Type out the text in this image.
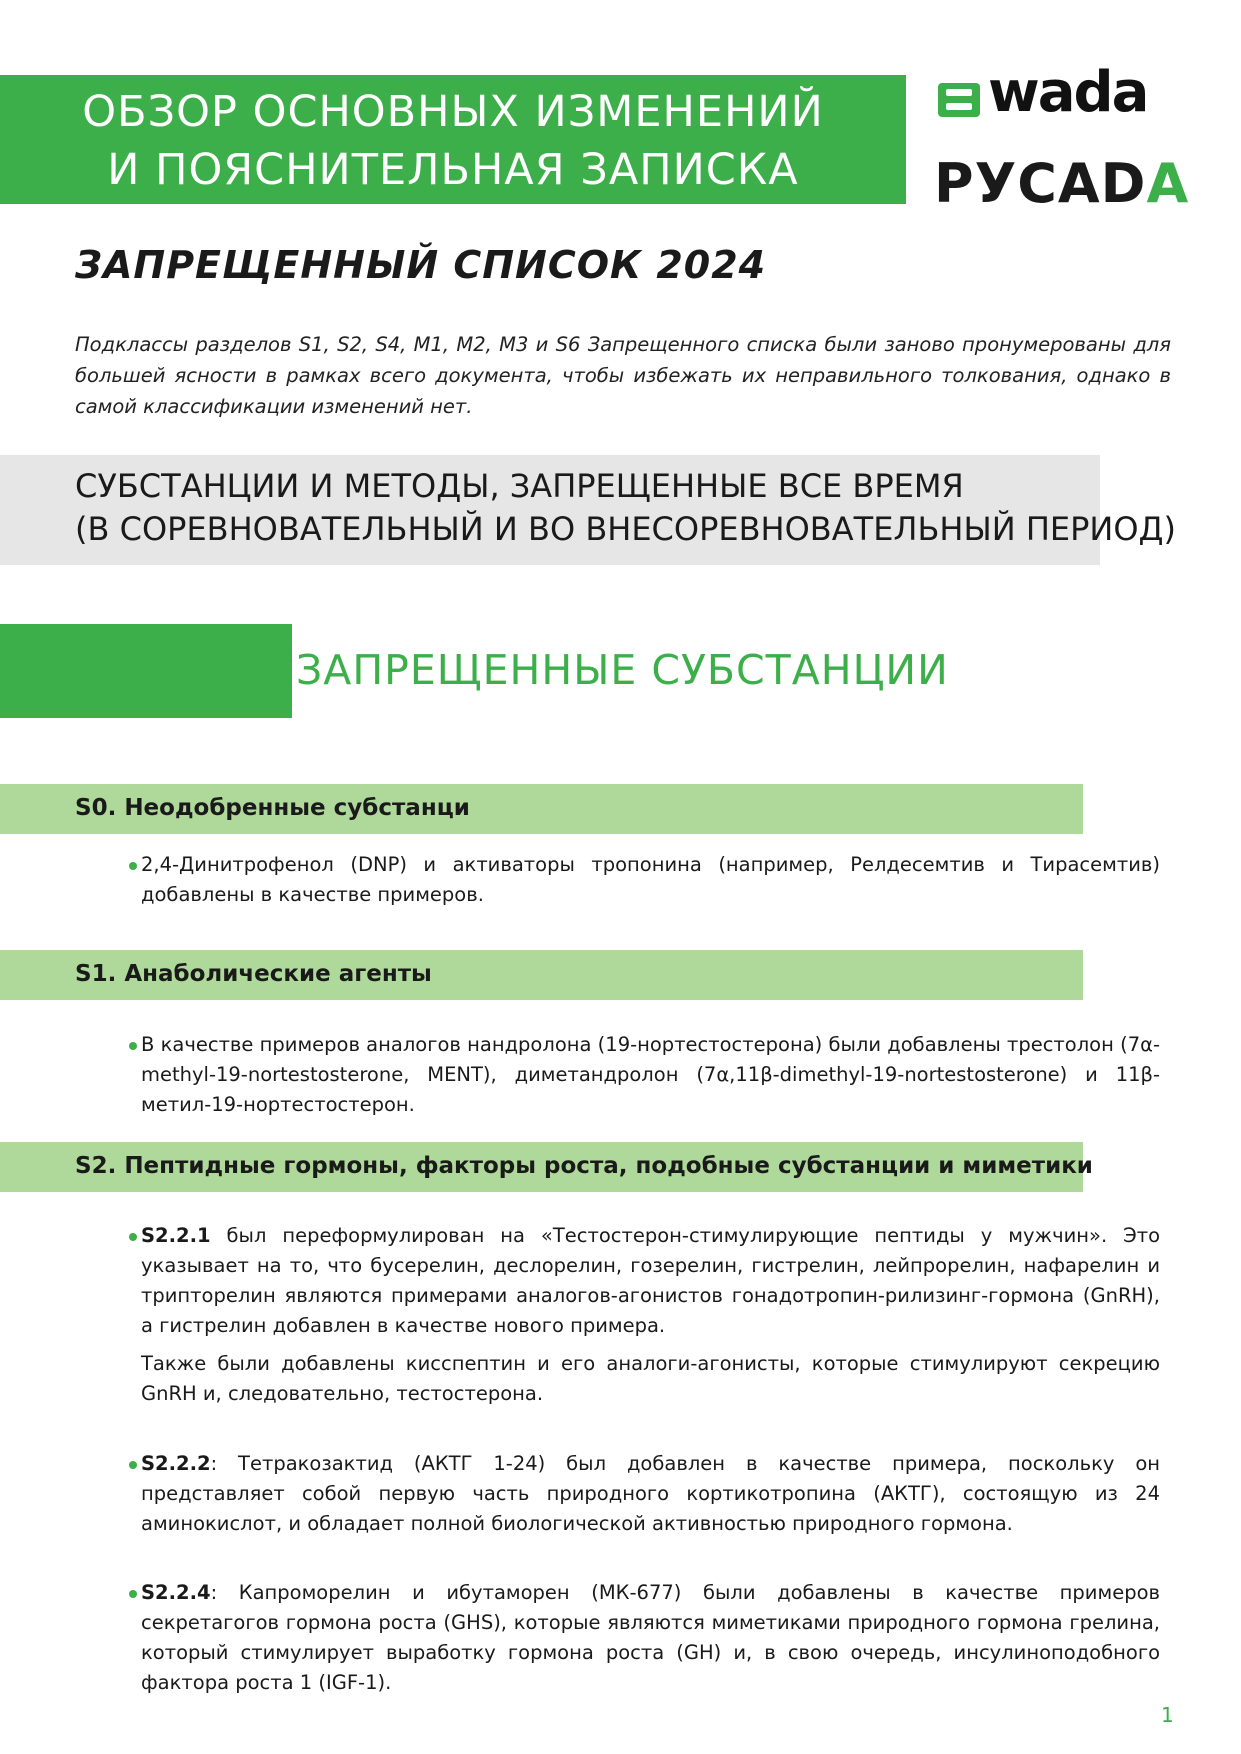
ОБЗОР ОСНОВНЫХ ИЗМЕНЕНИЙ
И ПОЯСНИТЕЛЬНАЯ ЗАПИСКА
wada
РУСАDA
ЗАПРЕЩЕННЫЙ СПИСОК 2024
Подклассы разделов S1, S2, S4, M1, M2, M3 и S6 Запрещенного списка были заново пронумерованы для большей ясности в рамках всего документа, чтобы избежать их неправильного толкования, однако в самой классификации изменений нет.
СУБСТАНЦИИ И МЕТОДЫ, ЗАПРЕЩЕННЫЕ ВСЕ ВРЕМЯ
(В СОРЕВНОВАТЕЛЬНЫЙ И ВО ВНЕСОРЕВНОВАТЕЛЬНЫЙ ПЕРИОД)
ЗАПРЕЩЕННЫЕ СУБСТАНЦИИ
S0. Неодобренные субстанци

2,4-Динитрофенол (DNP) и активаторы тропонина (например, Релдесемтив и Тирасемтив) добавлены в качестве примеров.

S1. Анаболические агенты

В качестве примеров аналогов нандролона (19-нортестостерона) были добавлены трестолон (7α-methyl-19-nortestosterone, MENT), диметандролон (7α,11β-dimethyl-19-nortestosterone) и 11β-метил-19-нортестостерон.

S2. Пептидные гормоны, факторы роста, подобные субстанции и миметики

S2.2.1 был переформулирован на «Тестостерон-стимулирующие пептиды у мужчин». Это указывает на то, что бусерелин, деслорелин, гозерелин, гистрелин, лейпрорелин, нафарелин и трипторелин являются примерами аналогов-агонистов гонадотропин-рилизинг-гормона (GnRH), а гистрелин добавлен в качестве нового примера.

Также были добавлены кисспептин и его аналоги-агонисты, которые стимулируют секрецию GnRH и, следовательно, тестостерона.

S2.2.2: Тетракозактид (АКТГ 1-24) был добавлен в качестве примера, поскольку он представляет собой первую часть природного кортикотропина (АКТГ), состоящую из 24 аминокислот, и обладает полной биологической активностью природного гормона.

S2.2.4: Капроморелин и ибутаморен (МК-677) были добавлены в качестве примеров секретагогов гормона роста (GHS), которые являются миметиками природного гормона грелина, который стимулирует выработку гормона роста (GH) и, в свою очередь, инсулиноподобного фактора роста 1 (IGF-1).

1
